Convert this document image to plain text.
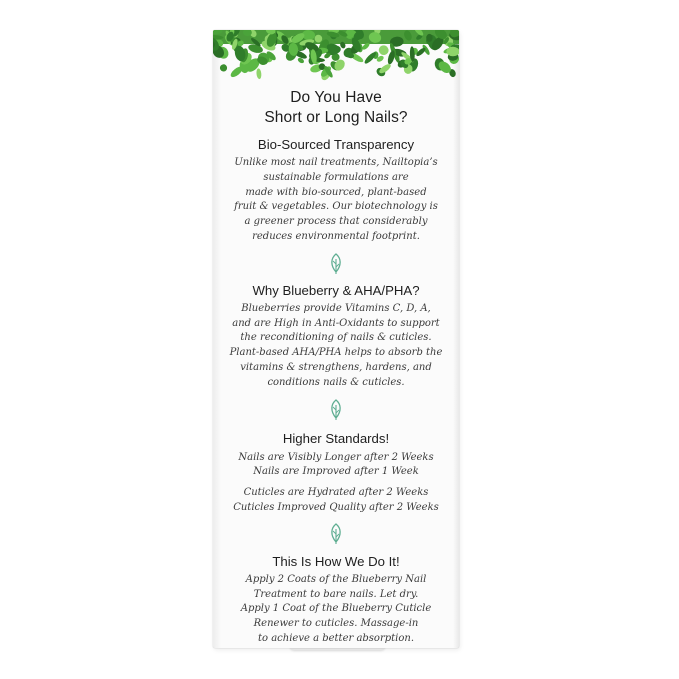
Do You Have
Short or Long Nails?

Bio-Sourced Transparency

Unlike most nail treatments, Nailtopia’s
sustainable formulations are
made with bio-sourced, plant-based
fruit & vegetables. Our biotechnology is
a greener process that considerably
reduces environmental footprint.

Why Blueberry & AHA/PHA?

Blueberries provide Vitamins C, D, A,
and are High in Anti-Oxidants to support
the reconditioning of nails & cuticles.
Plant-based AHA/PHA helps to absorb the
vitamins & strengthens, hardens, and
conditions nails & cuticles.

Higher Standards!

Nails are Visibly Longer after 2 Weeks
Nails are Improved after 1 Week

Cuticles are Hydrated after 2 Weeks
Cuticles Improved Quality after 2 Weeks

This Is How We Do It!

Apply 2 Coats of the Blueberry Nail
Treatment to bare nails. Let dry.
Apply 1 Coat of the Blueberry Cuticle
Renewer to cuticles. Massage-in
to achieve a better absorption.
